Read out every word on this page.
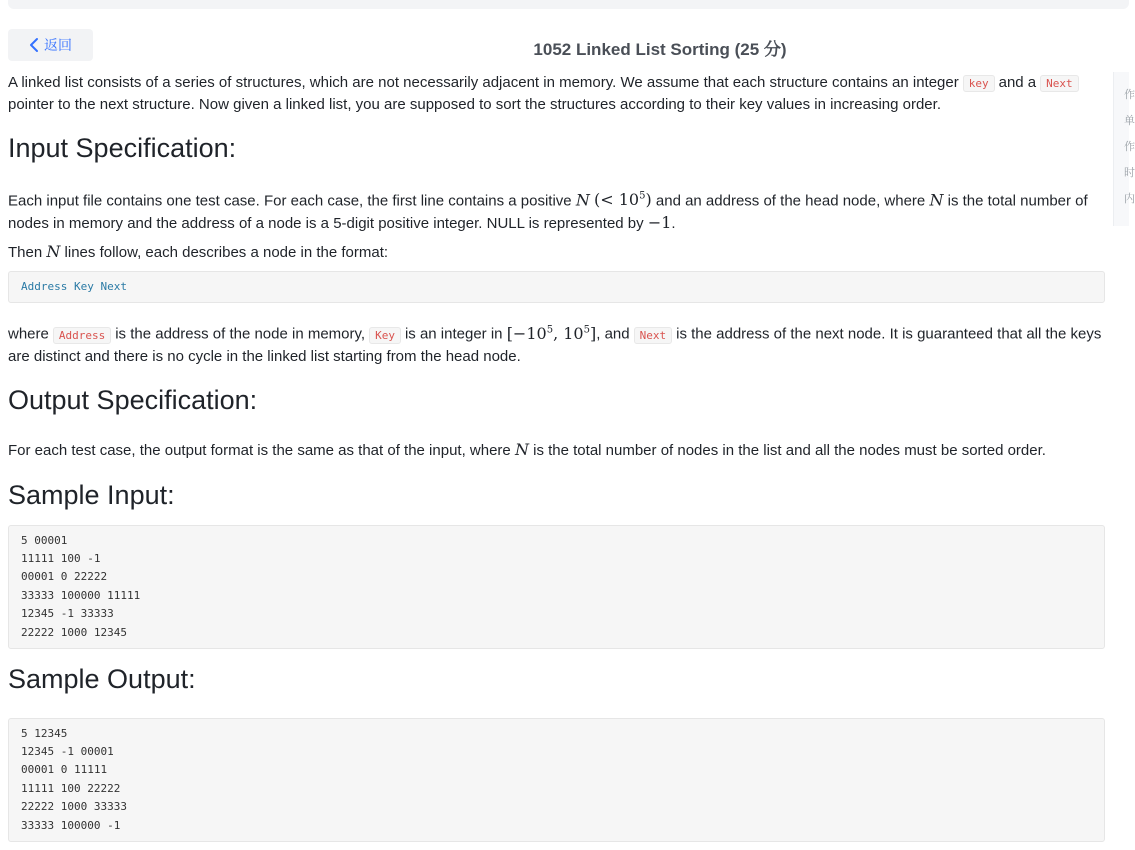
返回	1052 Linked List Sorting (25 分)
作
单
作
时
内

A linked list consists of a series of structures, which are not necessarily adjacent in memory. We assume that each structure contains an integer key and a Next
pointer to the next structure. Now given a linked list, you are supposed to sort the structures according to their key values in increasing order.

Input Specification:

Each input file contains one test case. For each case, the first line contains a positive N (< $10^5$) and an address of the head node, where N is the total number of nodes in memory and the address of a node is a 5-digit positive integer. NULL is represented by −1.

Then N lines follow, each describes a node in the format:

Address Key Next

where Address is the address of the node in memory, Key is an integer in [$-10^5$, $10^5$], and Next is the address of the next node. It is guaranteed that all the keys are distinct and there is no cycle in the linked list starting from the head node.

Output Specification:

For each test case, the output format is the same as that of the input, where N is the total number of nodes in the list and all the nodes must be sorted order.

Sample Input:
5 00001
11111 100 -1
00001 0 22222
33333 100000 11111
12345 -1 33333
22222 1000 12345
Sample Output:
5 12345
12345 -1 00001
00001 0 11111
11111 100 22222
22222 1000 33333
33333 100000 -1
